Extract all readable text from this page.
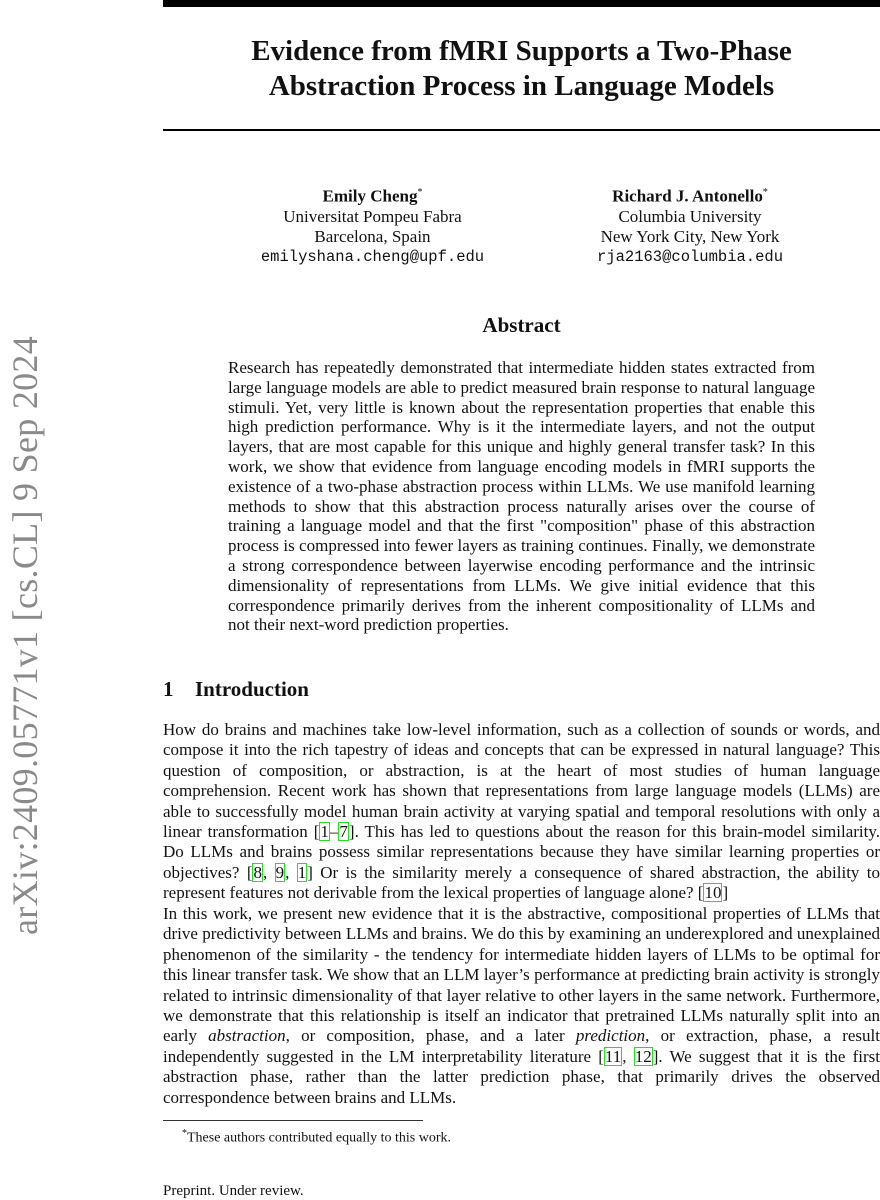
arXiv:2409.05771v1 [cs.CL] 9 Sep 2024
Evidence from fMRI Supports a Two-Phase
Abstraction Process in Language Models
Emily Cheng*
Universitat Pompeu Fabra
Barcelona, Spain
emilyshana.cheng@upf.edu
Richard J. Antonello*
Columbia University
New York City, New York
rja2163@columbia.edu
Abstract

Research has repeatedly demonstrated that intermediate hidden states extracted from large language models are able to predict measured brain response to natural language stimuli. Yet, very little is known about the representation properties that enable this high prediction performance. Why is it the intermediate layers, and not the output layers, that are most capable for this unique and highly general transfer task? In this work, we show that evidence from language encoding models in fMRI supports the existence of a two-phase abstraction process within LLMs. We use manifold learning methods to show that this abstraction process naturally arises over the course of training a language model and that the first "composition" phase of this abstraction process is compressed into fewer layers as training continues. Finally, we demonstrate a strong correspondence between layerwise encoding performance and the intrinsic dimensionality of representations from LLMs. We give initial evidence that this correspondence primarily derives from the inherent compositionality of LLMs and not their next-word prediction properties.

1 Introduction

How do brains and machines take low-level information, such as a collection of sounds or words, and compose it into the rich tapestry of ideas and concepts that can be expressed in natural language? This question of composition, or abstraction, is at the heart of most studies of human language comprehension. Recent work has shown that representations from large language models (LLMs) are able to successfully model human brain activity at varying spatial and temporal resolutions with only a linear transformation [1–7]. This has led to questions about the reason for this brain-model similarity. Do LLMs and brains possess similar representations because they have similar learning properties or objectives? [8, 9, 1] Or is the similarity merely a consequence of shared abstraction, the ability to represent features not derivable from the lexical properties of language alone? [10]

In this work, we present new evidence that it is the abstractive, compositional properties of LLMs that drive predictivity between LLMs and brains. We do this by examining an underexplored and unexplained phenomenon of the similarity - the tendency for intermediate hidden layers of LLMs to be optimal for this linear transfer task. We show that an LLM layer’s performance at predicting brain activity is strongly related to intrinsic dimensionality of that layer relative to other layers in the same network. Furthermore, we demonstrate that this relationship is itself an indicator that pretrained LLMs naturally split into an early abstraction, or composition, phase, and a later prediction, or extraction, phase, a result independently suggested in the LM interpretability literature [11, 12]. We suggest that it is the first abstraction phase, rather than the latter prediction phase, that primarily drives the observed correspondence between brains and LLMs.

*These authors contributed equally to this work.
Preprint. Under review.
